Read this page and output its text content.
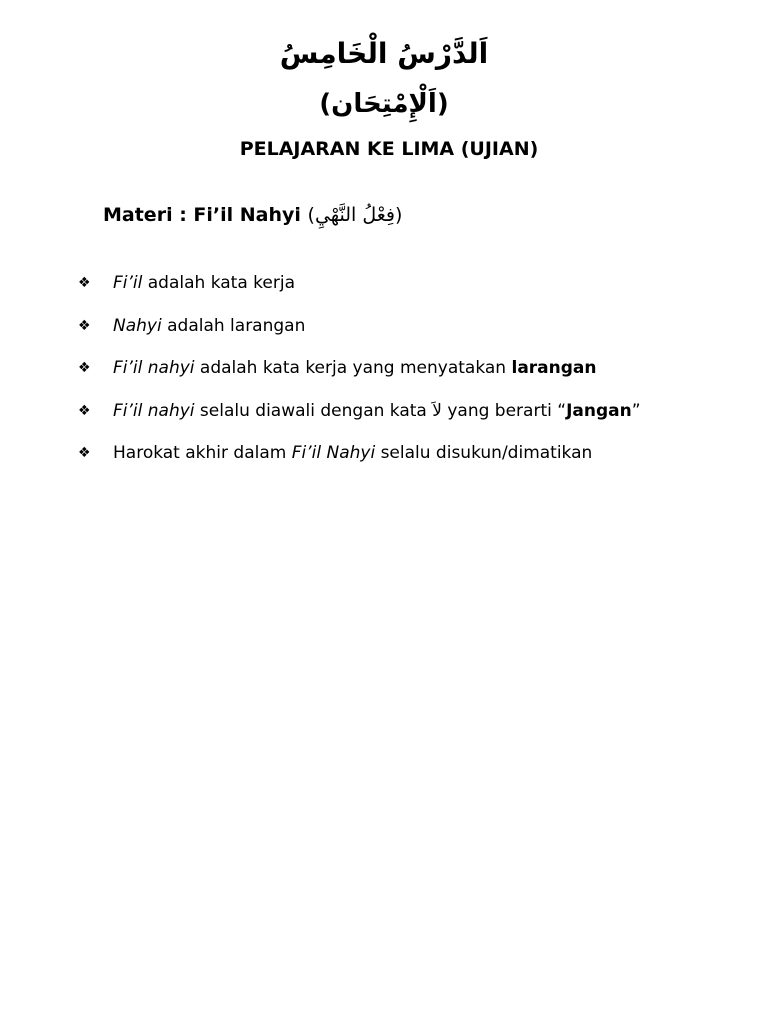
اَلدَّرْسُ الْخَامِسُ
(اَلْإِمْتِحَان)
PELAJARAN KE LIMA (UJIAN)
Materi : Fi’il Nahyi (فِعْلُ النَّهْيِ)
❖ Fi’il adalah kata kerja
❖ Nahyi adalah larangan
❖ Fi’il nahyi adalah kata kerja yang menyatakan larangan
❖ Fi’il nahyi selalu diawali dengan kata لاَ yang berarti “Jangan”
❖ Harokat akhir dalam Fi’il Nahyi selalu disukun/dimatikan
